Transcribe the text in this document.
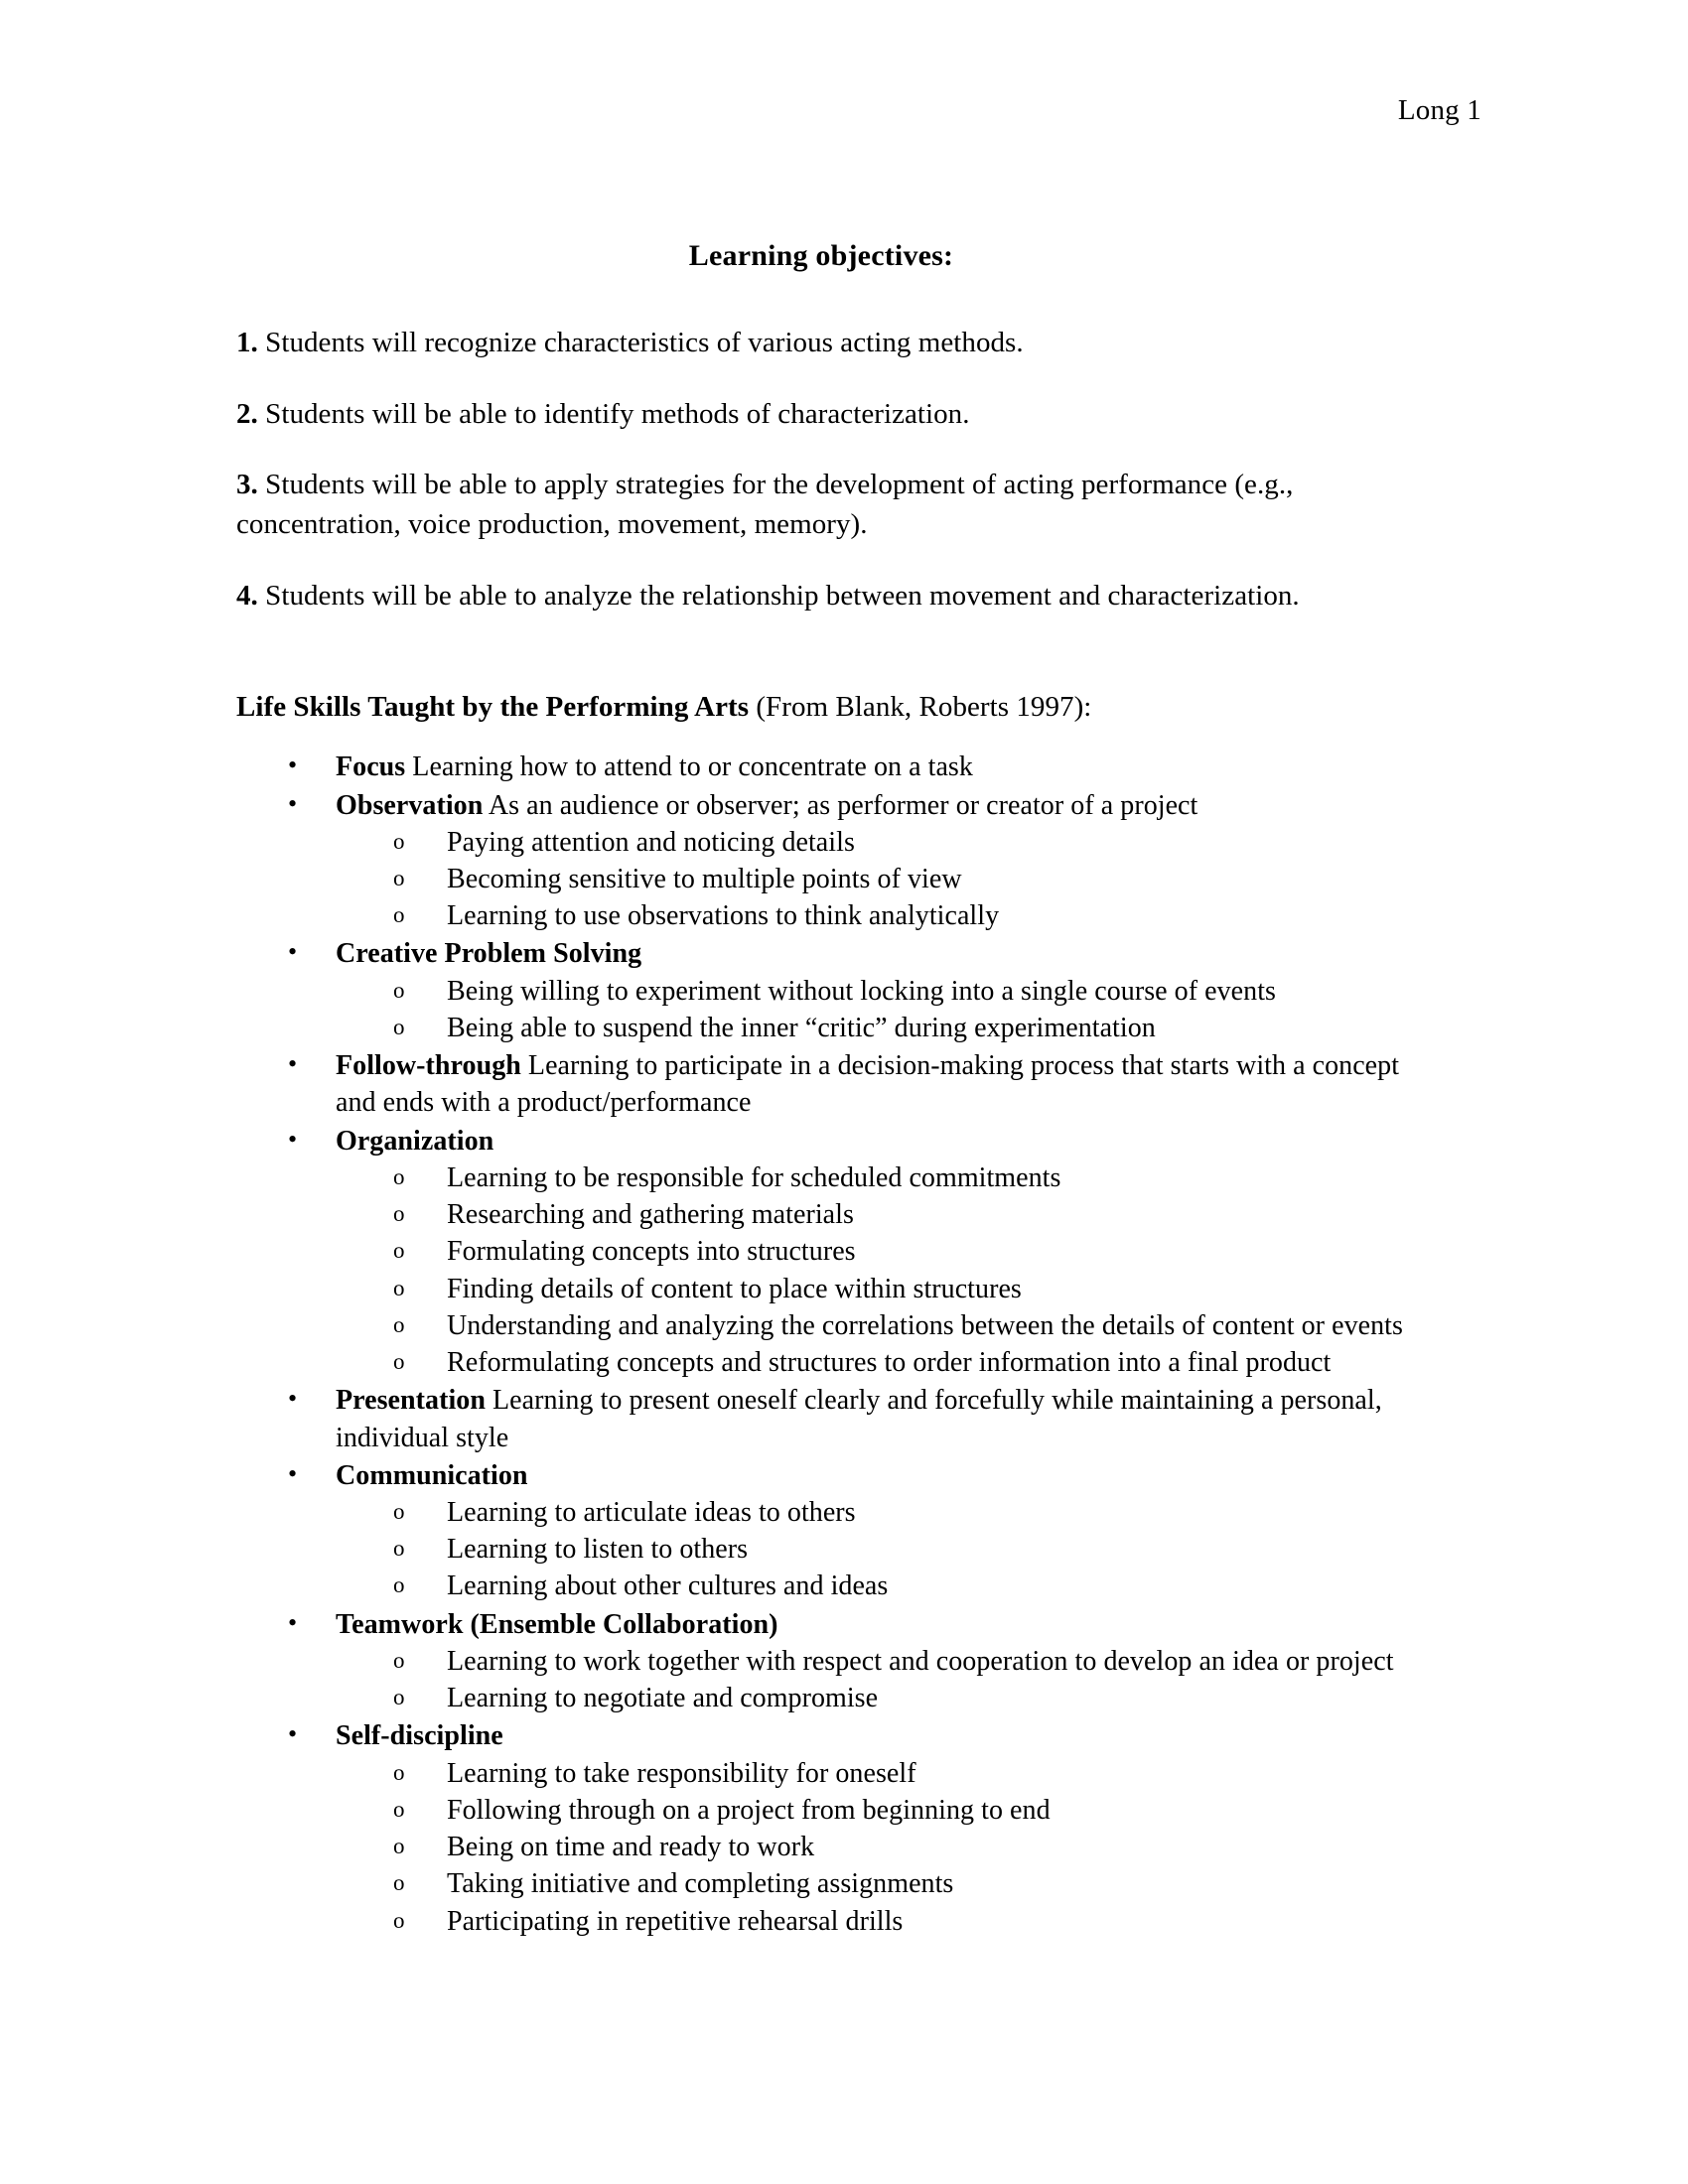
Long 1
Learning objectives:

1. Students will recognize characteristics of various acting methods.

2. Students will be able to identify methods of characterization.

3. Students will be able to apply strategies for the development of acting performance (e.g., concentration, voice production, movement, memory).

4. Students will be able to analyze the relationship between movement and characterization.

Life Skills Taught by the Performing Arts (From Blank, Roberts 1997):
•	Focus Learning how to attend to or concentrate on a task
•	Observation As an audience or observer; as performer or creator of a project
o Paying attention and noticing details
o Becoming sensitive to multiple points of view
o Learning to use observations to think analytically
•	Creative Problem Solving
o Being willing to experiment without locking into a single course of events
o Being able to suspend the inner “critic” during experimentation
•	Follow-through Learning to participate in a decision-making process that starts with a concept and ends with a product/performance
•	Organization
o Learning to be responsible for scheduled commitments
o Researching and gathering materials
o Formulating concepts into structures
o Finding details of content to place within structures
o Understanding and analyzing the correlations between the details of content or events
o Reformulating concepts and structures to order information into a final product
•	Presentation Learning to present oneself clearly and forcefully while maintaining a personal, individual style
•	Communication
o Learning to articulate ideas to others
o Learning to listen to others
o Learning about other cultures and ideas
•	Teamwork (Ensemble Collaboration)
o Learning to work together with respect and cooperation to develop an idea or project
o Learning to negotiate and compromise
•	Self-discipline
o Learning to take responsibility for oneself
o Following through on a project from beginning to end
o Being on time and ready to work
o Taking initiative and completing assignments
o Participating in repetitive rehearsal drills
